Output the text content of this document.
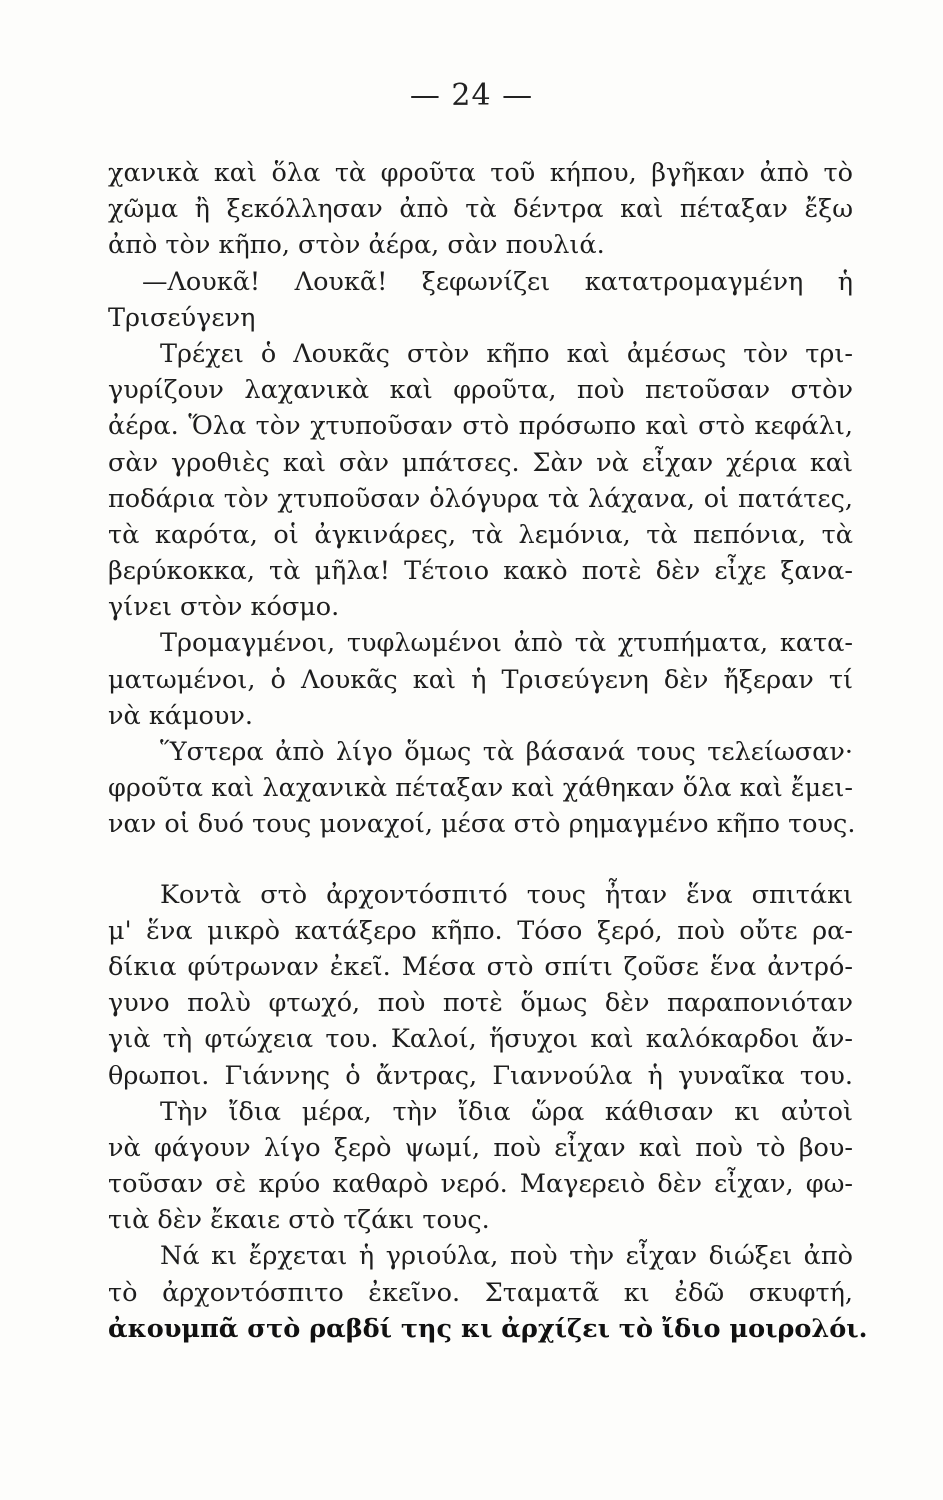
— 24 —
χανικὰ καὶ ὅλα τὰ φροῦτα τοῦ κήπου, βγῆκαν ἀπὸ τὸ
χῶμα ἢ ξεκόλλησαν ἀπὸ τὰ δέντρα καὶ πέταξαν ἔξω
ἀπὸ τὸν κῆπο, στὸν ἀέρα, σὰν πουλιά.
—Λουκᾶ! Λουκᾶ! ξεφωνίζει κατατρομαγμένη ἡ
Τρισεύγενη
Τρέχει ὁ Λουκᾶς στὸν κῆπο καὶ ἀμέσως τὸν τρι-
γυρίζουν λαχανικὰ καὶ φροῦτα, ποὺ πετοῦσαν στὸν
ἀέρα. Ὅλα τὸν χτυποῦσαν στὸ πρόσωπο καὶ στὸ κεφάλι,
σὰν γροθιὲς καὶ σὰν μπάτσες. Σὰν νὰ εἶχαν χέρια καὶ
ποδάρια τὸν χτυποῦσαν ὁλόγυρα τὰ λάχανα, οἱ πατάτες,
τὰ καρότα, οἱ ἀγκινάρες, τὰ λεμόνια, τὰ πεπόνια, τὰ
βερύκοκκα, τὰ μῆλα! Τέτοιο κακὸ ποτὲ δὲν εἶχε ξανα-
γίνει στὸν κόσμο.
Τρομαγμένοι, τυφλωμένοι ἀπὸ τὰ χτυπήματα, κατα-
ματωμένοι, ὁ Λουκᾶς καὶ ἡ Τρισεύγενη δὲν ἤξεραν τί
νὰ κάμουν.
Ὕστερα ἀπὸ λίγο ὅμως τὰ βάσανά τους τελείωσαν·
φροῦτα καὶ λαχανικὰ πέταξαν καὶ χάθηκαν ὅλα καὶ ἔμει-
ναν οἱ δυό τους μοναχοί, μέσα στὸ ρημαγμένο κῆπο τους.
Κοντὰ στὸ ἀρχοντόσπιτό τους ἦταν ἕνα σπιτάκι
μ' ἕνα μικρὸ κατάξερο κῆπο. Τόσο ξερό, ποὺ οὔτε ρα-
δίκια φύτρωναν ἐκεῖ. Μέσα στὸ σπίτι ζοῦσε ἕνα ἀντρό-
γυνο πολὺ φτωχό, ποὺ ποτὲ ὅμως δὲν παραπονιόταν
γιὰ τὴ φτώχεια του. Καλοί, ἥσυχοι καὶ καλόκαρδοι ἄν-
θρωποι. Γιάννης ὁ ἄντρας, Γιαννούλα ἡ γυναῖκα του.
Τὴν ἴδια μέρα, τὴν ἴδια ὥρα κάθισαν κι αὐτοὶ
νὰ φάγουν λίγο ξερὸ ψωμί, ποὺ εἶχαν καὶ ποὺ τὸ βου-
τοῦσαν σὲ κρύο καθαρὸ νερό. Μαγερειὸ δὲν εἶχαν, φω-
τιὰ δὲν ἔκαιε στὸ τζάκι τους.
Νά κι ἔρχεται ἡ γριούλα, ποὺ τὴν εἶχαν διώξει ἀπὸ
τὸ ἀρχοντόσπιτο ἐκεῖνο. Σταματᾶ κι ἐδῶ σκυφτή,
ἀκουμπᾶ στὸ ραβδί της κι ἀρχίζει τὸ ἴδιο μοιρολόι.
